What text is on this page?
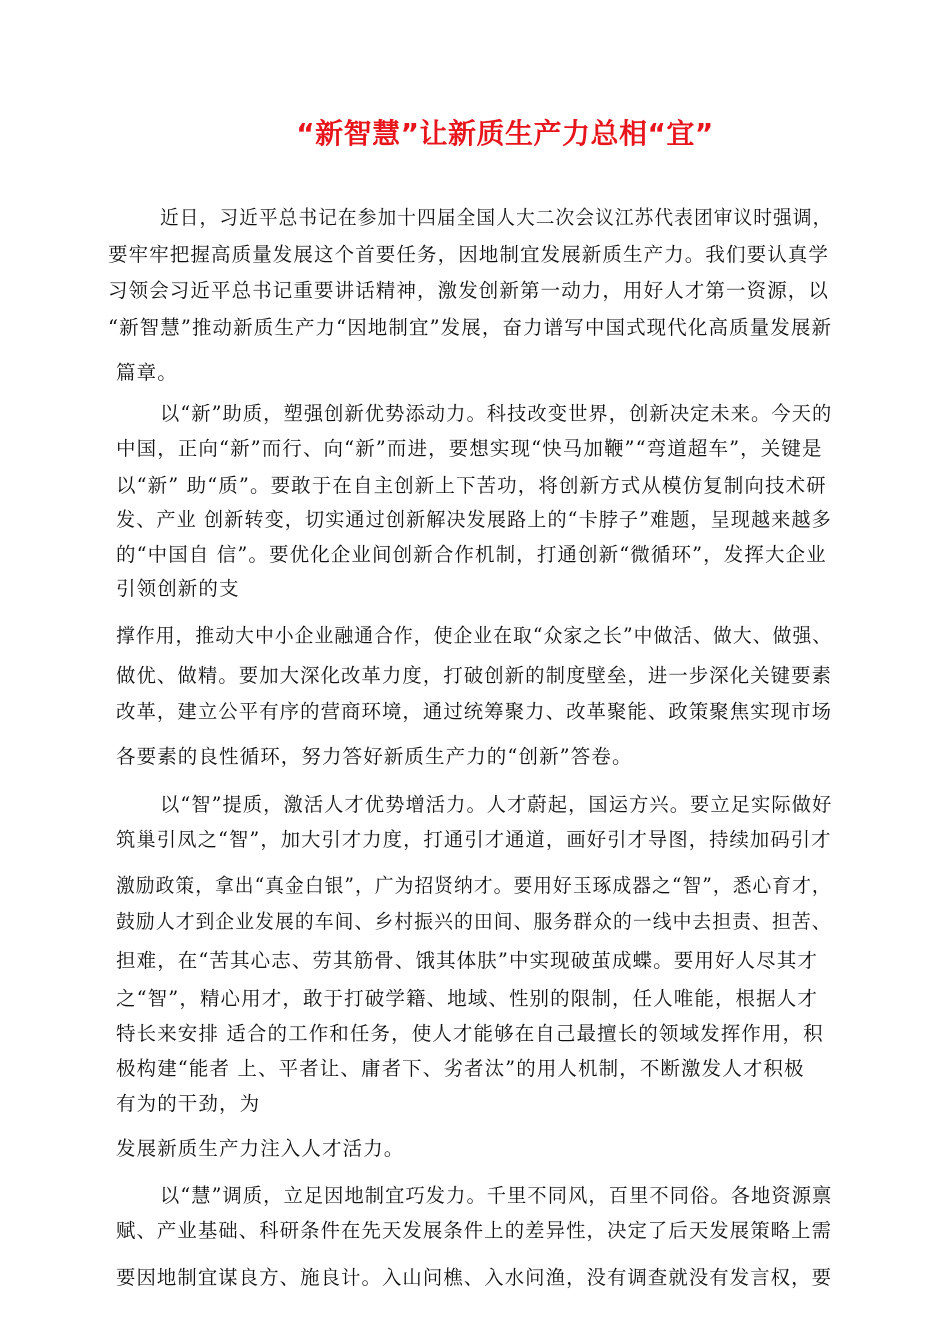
“新智慧”让新质生产力总相“宜”
近日，习近平总书记在参加十四届全国人大二次会议江苏代表团审议时强调，
要牢牢把握高质量发展这个首要任务，因地制宜发展新质生产力。我们要认真学
习领会习近平总书记重要讲话精神，激发创新第一动力，用好人才第一资源，以
“新智慧”推动新质生产力“因地制宜”发展，奋力谱写中国式现代化高质量发展新
篇章。
以“新”助质，塑强创新优势添动力。科技改变世界，创新决定未来。今天的
中国，正向“新”而行、向“新”而进，要想实现“快马加鞭”“弯道超车”，关键是
以“新” 助“质”。要敢于在自主创新上下苦功，将创新方式从模仿复制向技术研
发、产业 创新转变，切实通过创新解决发展路上的“卡脖子”难题，呈现越来越多
的“中国自 信”。要优化企业间创新合作机制，打通创新“微循环”，发挥大企业
引领创新的支
撑作用，推动大中小企业融通合作，使企业在取“众家之长”中做活、做大、做强、
做优、做精。要加大深化改革力度，打破创新的制度壁垒，进一步深化关键要素
改革，建立公平有序的营商环境，通过统筹聚力、改革聚能、政策聚焦实现市场
各要素的良性循环，努力答好新质生产力的“创新”答卷。
以“智”提质，激活人才优势增活力。人才蔚起，国运方兴。要立足实际做好
筑巢引凤之“智”，加大引才力度，打通引才通道，画好引才导图，持续加码引才
激励政策，拿出“真金白银”，广为招贤纳才。要用好玉琢成器之“智”，悉心育才，
鼓励人才到企业发展的车间、乡村振兴的田间、服务群众的一线中去担责、担苦、
担难，在“苦其心志、劳其筋骨、饿其体肤”中实现破茧成蝶。要用好人尽其才
之“智”，精心用才，敢于打破学籍、地域、性别的限制，任人唯能，根据人才
特长来安排 适合的工作和任务，使人才能够在自己最擅长的领域发挥作用，积
极构建“能者 上、平者让、庸者下、劣者汰”的用人机制，不断激发人才积极
有为的干劲，为
发展新质生产力注入人才活力。
以“慧”调质，立足因地制宜巧发力。千里不同风，百里不同俗。各地资源禀
赋、产业基础、科研条件在先天发展条件上的差异性，决定了后天发展策略上需
要因地制宜谋良方、施良计。入山问樵、入水问渔，没有调查就没有发言权，要
